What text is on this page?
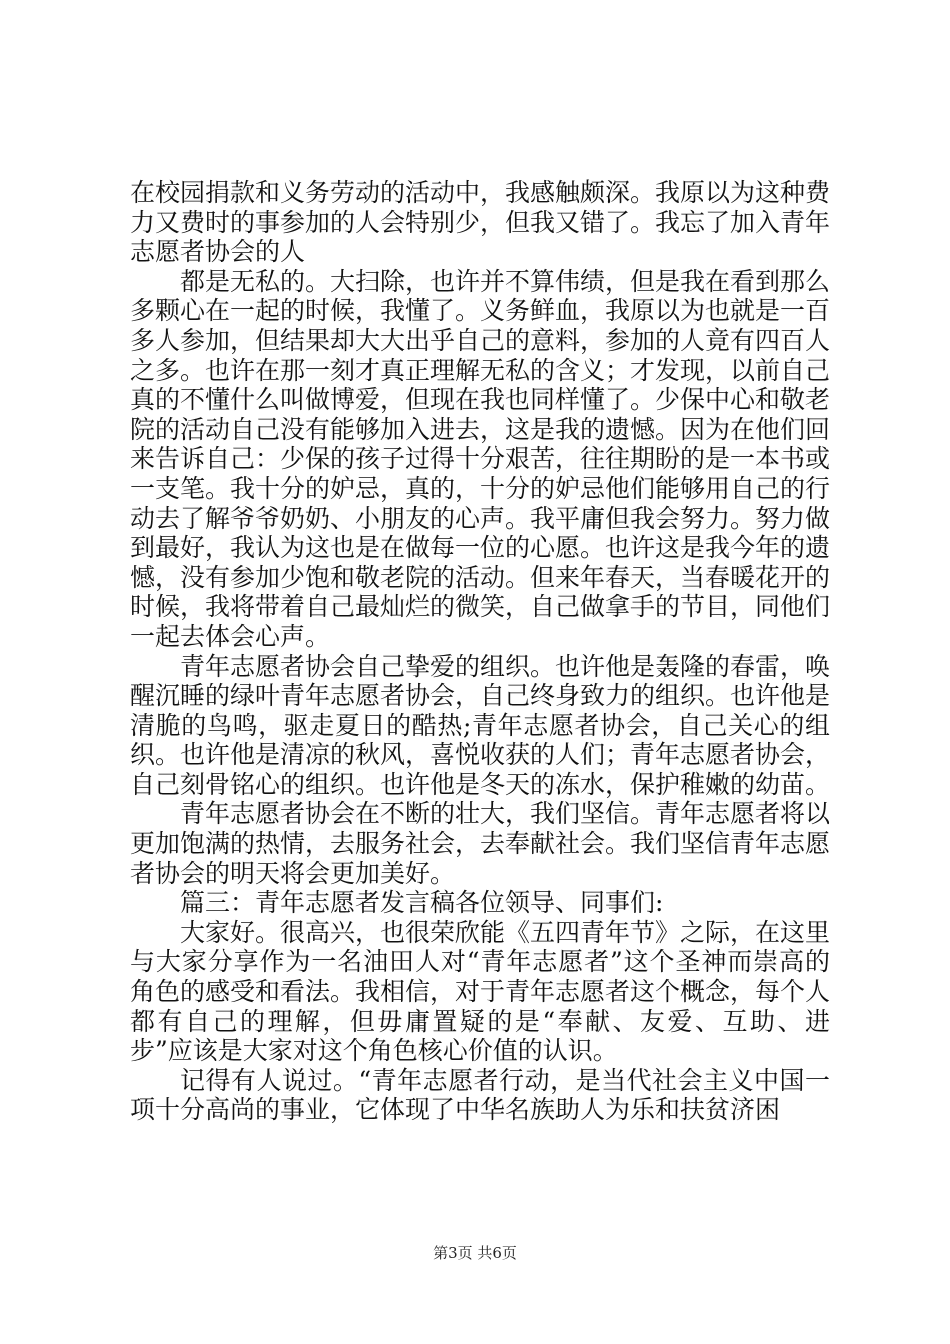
在校园捐款和义务劳动的活动中，我感触颇深。我原以为这种费力又费时的事参加的人会特别少，但我又错了。我忘了加入青年志愿者协会的人

都是无私的。大扫除，也许并不算伟绩，但是我在看到那么多颗心在一起的时候，我懂了。义务鲜血，我原以为也就是一百多人参加，但结果却大大出乎自己的意料，参加的人竟有四百人之多。也许在那一刻才真正理解无私的含义；才发现，以前自己真的不懂什么叫做博爱，但现在我也同样懂了。少保中心和敬老院的活动自己没有能够加入进去，这是我的遗憾。因为在他们回来告诉自己：少保的孩子过得十分艰苦，往往期盼的是一本书或一支笔。我十分的妒忌，真的，十分的妒忌他们能够用自己的行动去了解爷爷奶奶、小朋友的心声。我平庸但我会努力。努力做到最好，我认为这也是在做每一位的心愿。也许这是我今年的遗憾，没有参加少饱和敬老院的活动。但来年春天，当春暖花开的时候，我将带着自己最灿烂的微笑，自己做拿手的节目，同他们一起去体会心声。

青年志愿者协会自己挚爱的组织。也许他是轰隆的春雷，唤醒沉睡的绿叶青年志愿者协会，自己终身致力的组织。也许他是清脆的鸟鸣，驱走夏日的酷热;青年志愿者协会，自己关心的组织。也许他是清凉的秋风，喜悦收获的人们；青年志愿者协会，自己刻骨铭心的组织。也许他是冬天的冻水，保护稚嫩的幼苗。

青年志愿者协会在不断的壮大，我们坚信。青年志愿者将以更加饱满的热情，去服务社会，去奉献社会。我们坚信青年志愿者协会的明天将会更加美好。

篇三：青年志愿者发言稿各位领导、同事们:

大家好。很高兴，也很荣欣能《五四青年节》之际，在这里与大家分享作为一名油田人对“青年志愿者”这个圣神而崇高的角色的感受和看法。我相信，对于青年志愿者这个概念，每个人都有自己的理解，但毋庸置疑的是“奉献、友爱、互助、进步”应该是大家对这个角色核心价值的认识。

记得有人说过。“青年志愿者行动，是当代社会主义中国一项十分高尚的事业，它体现了中华名族助人为乐和扶贫济困

第3页 共6页
